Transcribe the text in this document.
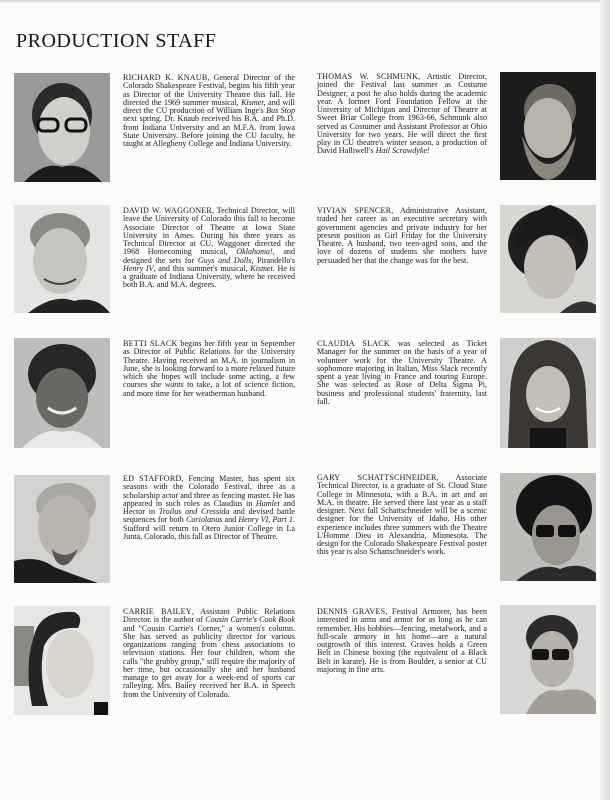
PRODUCTION STAFF
RICHARD K. KNAUB, General Director of the Colorado Shakespeare Festival, begins his fifth year as Director of the University Theatre this fall. He directed the 1969 summer musical, Kismet, and will direct the CU production of William Inge's Bus Stop next spring. Dr. Knaub received his B.A. and Ph.D. from Indiana University and an M.F.A. from Iowa State University. Before joining the CU faculty, he taught at Allegheny College and Indiana University.
THOMAS W. SCHMUNK, Artistic Director, joined the Festival last summer as Costume Designer, a post he also holds during the academic year. A former Ford Foundation Fellow at the University of Michigan and Director of Theatre at Sweet Briar College from 1963-66, Schmunk also served as Costumer and Assistant Professor at Ohio University for two years. He will direct the first play in CU theatre's winter season, a production of David Halliwell's Hail Scrawdyke!
DAVID W. WAGGONER, Technical Director, will leave the University of Colorado this fall to become Associate Director of Theatre at Iowa State University in Ames. During his three years as Technical Director at CU, Waggoner directed the 1968 Homecoming musical, Oklahoma!, and designed the sets for Guys and Dolls, Pirandello's Henry IV, and this summer's musical, Kismet. He is a graduate of Indiana University, where he received both B.A. and M.A. degrees.
VIVIAN SPENCER, Administrative Assistant, traded her career as an executive secretary with government agencies and private industry for her present position as Girl Friday for the University Theatre. A husband, two teen-aged sons, and the love of dozens of students she mothers have persuaded her that the change was for the best.
BETTI SLACK begins her fifth year in September as Director of Public Relations for the University Theatre. Having received an M.A. in journalism in June, she is looking forward to a more relaxed future which she hopes will include some acting, a few courses she wants to take, a lot of science fiction, and more time for her weatherman husband.
CLAUDIA SLACK was selected as Ticket Manager for the summer on the basis of a year of volunteer work for the University Theatre. A sophomore majoring in Italian, Miss Slack recently spent a year living in France and touring Europe. She was selected as Rose of Delta Sigma Pi, business and professional students' fraternity, last fall.
ED STAFFORD, Fencing Master, has spent six seasons with the Colorado Festival, three as a scholarship actor and three as fencing master. He has appeared in such roles as Claudius in Hamlet and Hector in Troilus and Cressida and devised battle sequences for both Coriolanus and Henry VI, Part 1. Stafford will return to Otero Junior College in La Junta, Colorado, this fall as Director of Theatre.
GARY SCHATTSCHNEIDER, Associate Technical Director, is a graduate of St. Cloud State College in Minnesota, with a B.A. in art and an M.A. in theatre. He served there last year as a staff designer. Next fall Schattschneider will be a scenic designer for the University of Idaho. His other experience includes three summers with the Theatre L'Homme Dieu in Alexandria, Minnesota. The design for the Colorado Shakespeare Festival poster this year is also Schattschneider's work.
CARRIE BAILEY, Assistant Public Relations Director. is the author of Cousin Carrie's Cook Book and "Cousin Carrie's Corner," a women's column. She has served as publicity director for various organizations ranging from chess associations to television stations. Her four children, whom she calls "the grubby group," still require the majority of her time, but occasionally she and her husband manage to get away for a week-end of sports car ralleying. Mrs. Bailey received her B.A. in Speech from the University of Colorado.
DENNIS GRAVES, Festival Armorer, has been interested in arms and armor for as long as he can remember. His hobbies—fencing, metalwork, and a full-scale armory in his home—are a natural outgrowth of this interest. Graves holds a Green Belt in Chinese boxing (the equivalent of a Black Belt in karate). He is from Boulder, a senior at CU majoring in fine arts.
